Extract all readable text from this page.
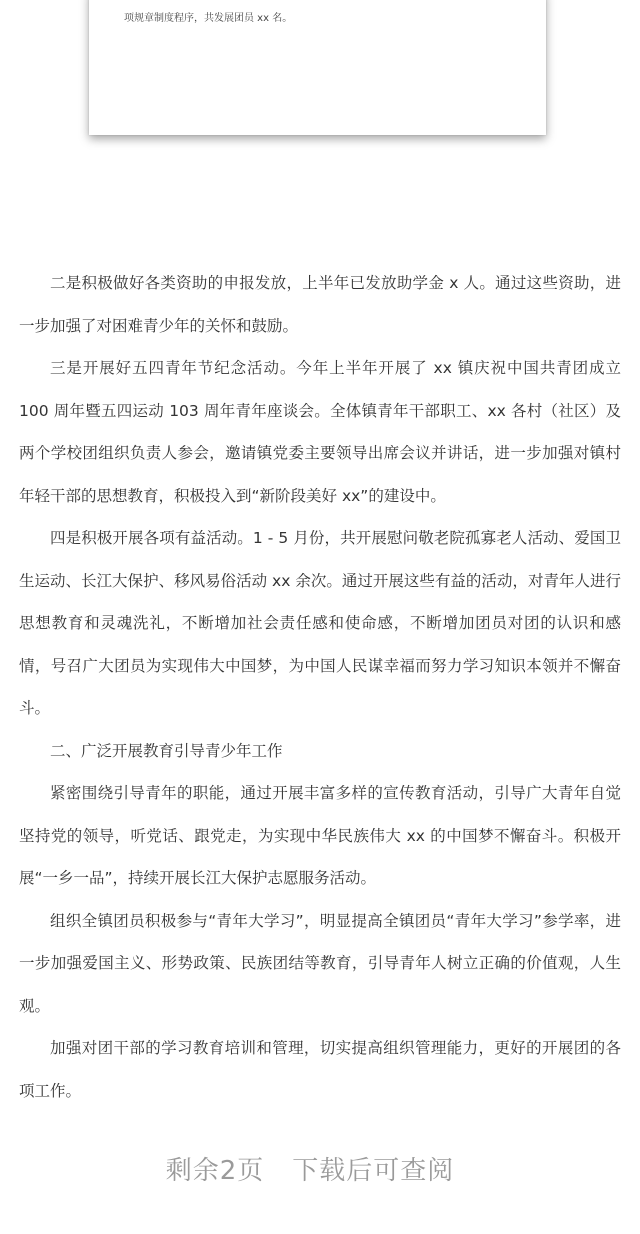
项规章制度程序，共发展团员 xx 名。

二是积极做好各类资助的申报发放，上半年已发放助学金 x 人。通过这些资助，进一步加强了对困难青少年的关怀和鼓励。

三是开展好五四青年节纪念活动。今年上半年开展了 xx 镇庆祝中国共青团成立 100 周年暨五四运动 103 周年青年座谈会。全体镇青年干部职工、xx 各村（社区）及两个学校团组织负责人参会，邀请镇党委主要领导出席会议并讲话，进一步加强对镇村年轻干部的思想教育，积极投入到“新阶段美好 xx”的建设中。

四是积极开展各项有益活动。1 - 5 月份，共开展慰问敬老院孤寡老人活动、爱国卫生运动、长江大保护、移风易俗活动 xx 余次。通过开展这些有益的活动，对青年人进行思想教育和灵魂洗礼，不断增加社会责任感和使命感，不断增加团员对团的认识和感情，号召广大团员为实现伟大中国梦，为中国人民谋幸福而努力学习知识本领并不懈奋斗。

二、广泛开展教育引导青少年工作

紧密围绕引导青年的职能，通过开展丰富多样的宣传教育活动，引导广大青年自觉坚持党的领导，听党话、跟党走，为实现中华民族伟大 xx 的中国梦不懈奋斗。积极开展“一乡一品”，持续开展长江大保护志愿服务活动。

组织全镇团员积极参与“青年大学习”，明显提高全镇团员“青年大学习”参学率，进一步加强爱国主义、形势政策、民族团结等教育，引导青年人树立正确的价值观，人生观。

加强对团干部的学习教育培训和管理，切实提高组织管理能力，更好的开展团的各项工作。

剩余2页 下载后可查阅
